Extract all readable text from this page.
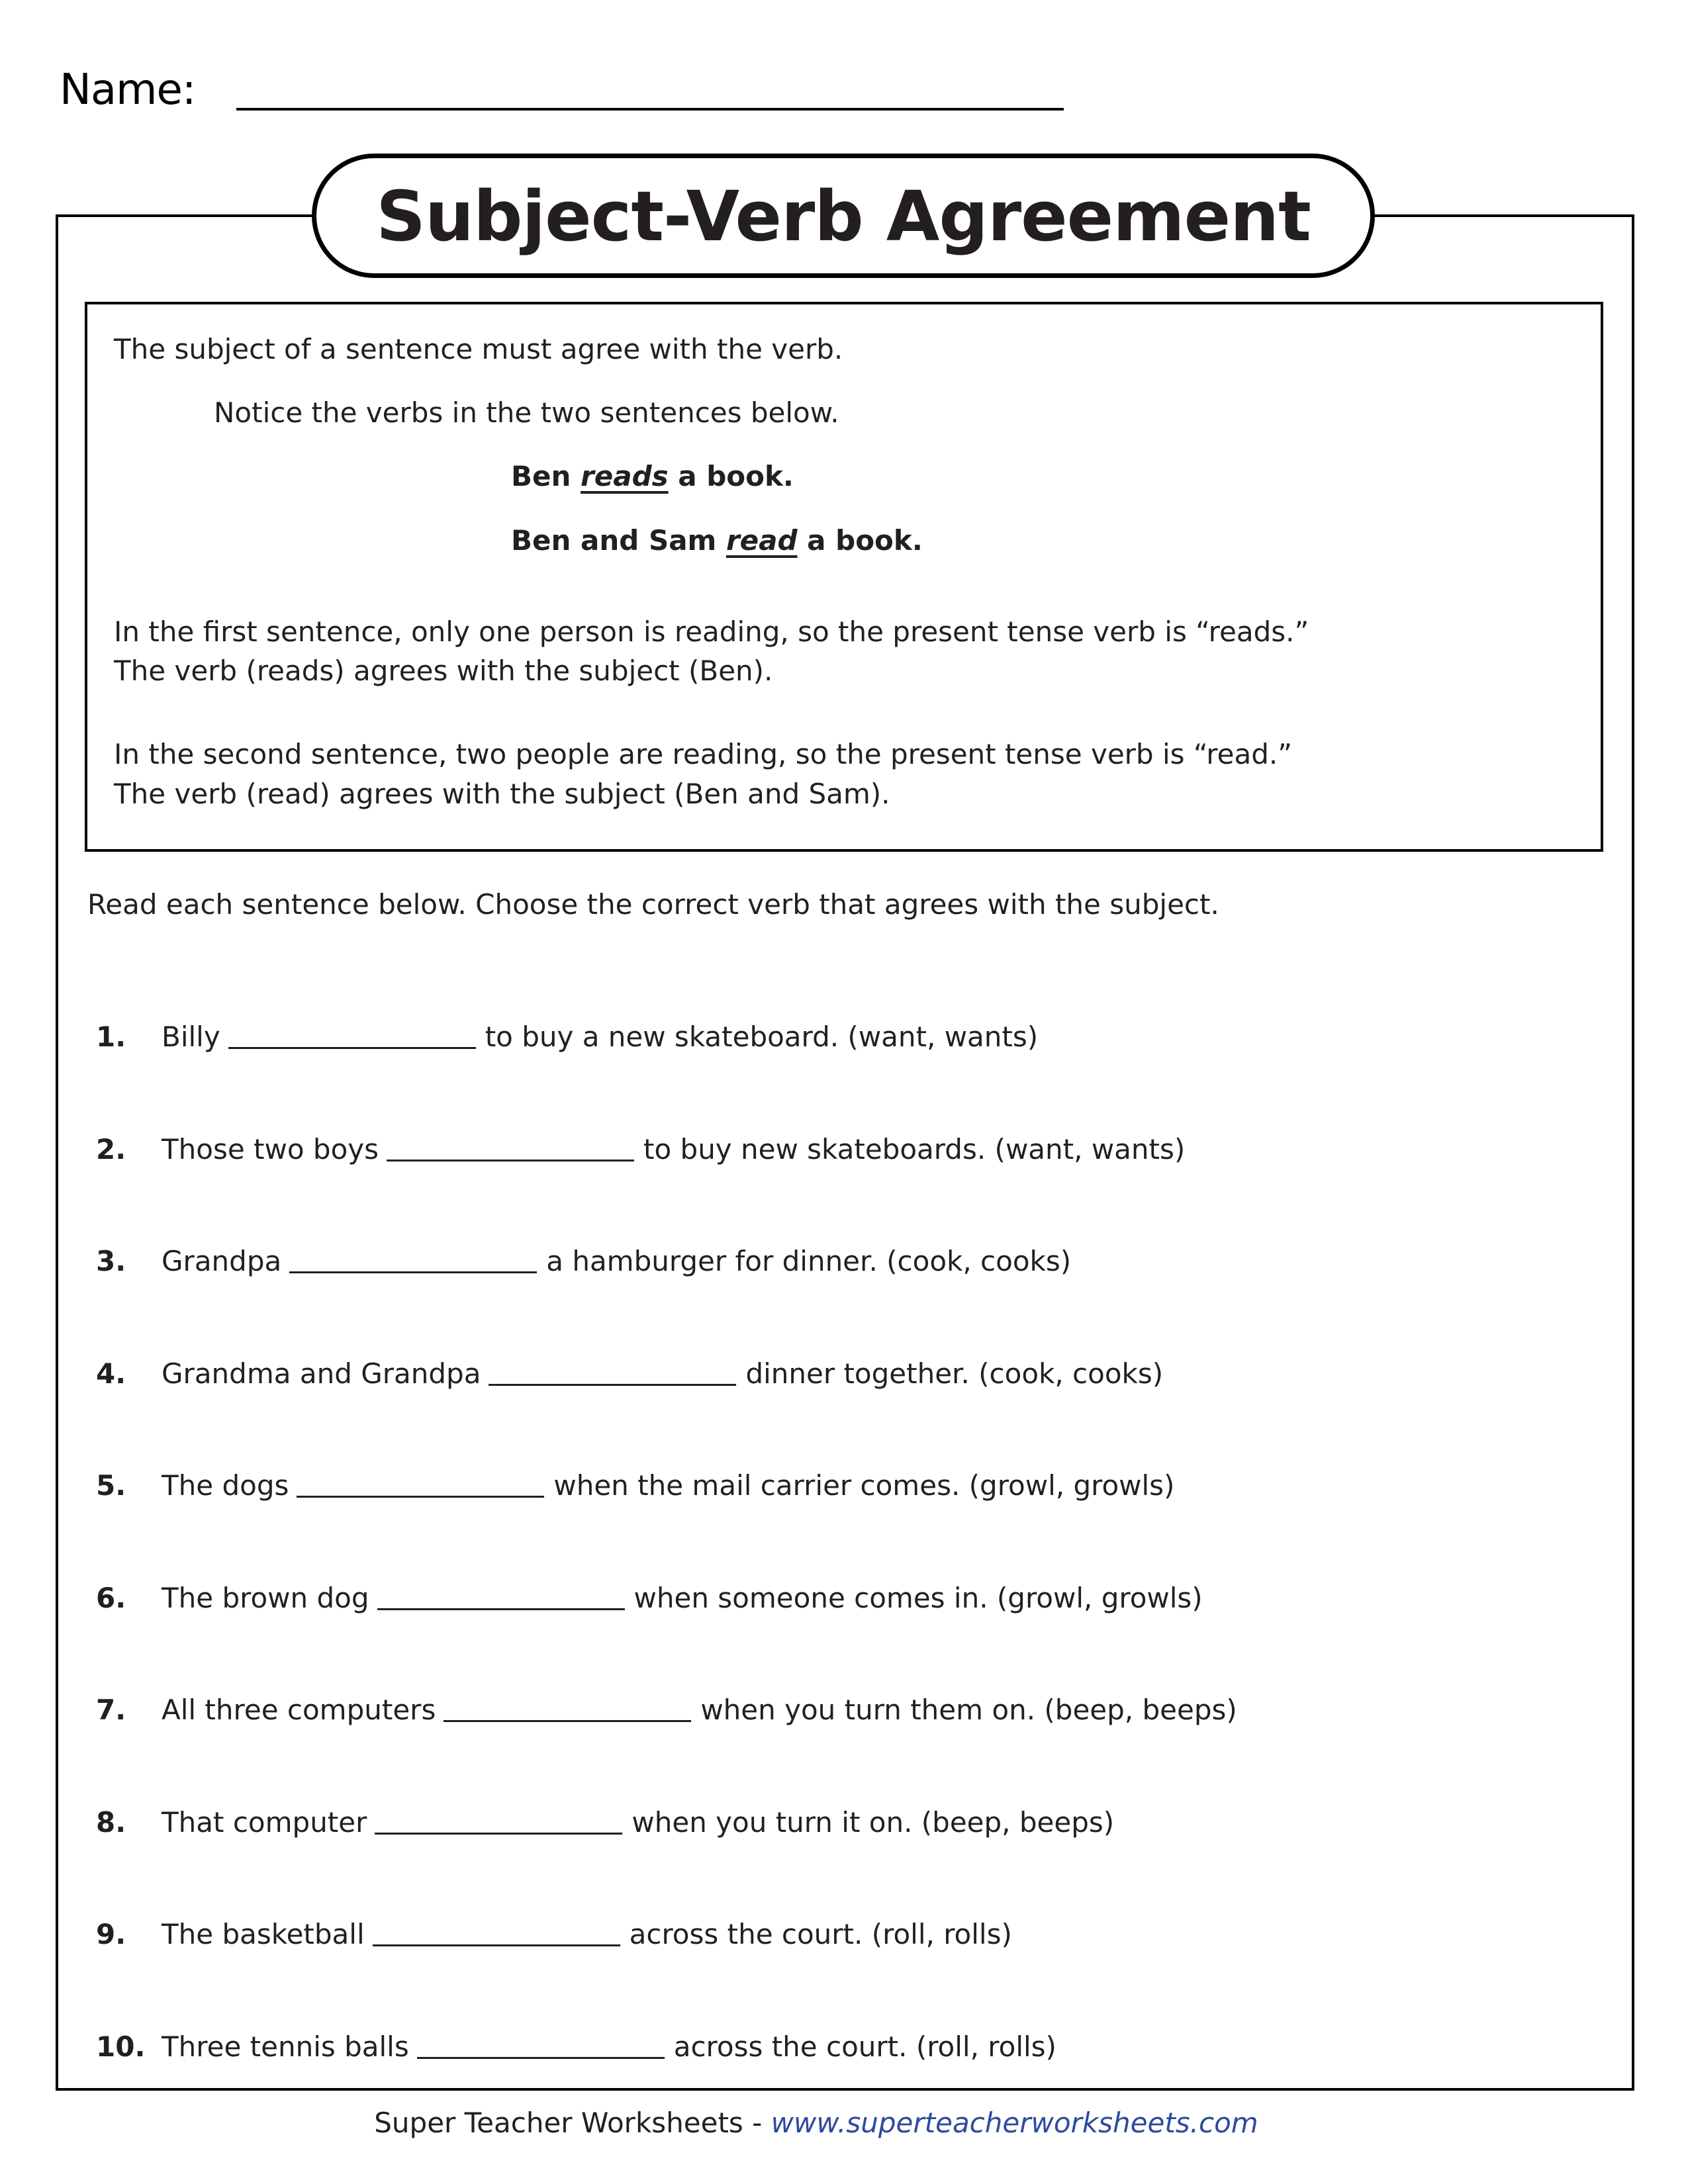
Name:
Subject-Verb Agreement
The subject of a sentence must agree with the verb.
Notice the verbs in the two sentences below.
Ben reads a book.
Ben and Sam read a book.
In the first sentence, only one person is reading, so the present tense verb is “reads.”
The verb (reads) agrees with the subject (Ben).
In the second sentence, two people are reading, so the present tense verb is “read.”
The verb (read) agrees with the subject (Ben and Sam).
Read each sentence below. Choose the correct verb that agrees with the subject.
1.	Billy	to buy a new skateboard. (want, wants)
2.	Those two boys	to buy new skateboards. (want, wants)
3.	Grandpa	a hamburger for dinner. (cook, cooks)
4.	Grandma and Grandpa	dinner together. (cook, cooks)
5.	The dogs	when the mail carrier comes. (growl, growls)
6.	The brown dog	when someone comes in. (growl, growls)
7.	All three computers	when you turn them on. (beep, beeps)
8.	That computer	when you turn it on. (beep, beeps)
9.	The basketball	across the court. (roll, rolls)
10. Three tennis balls	across the court. (roll, rolls)
Super Teacher Worksheets - www.superteacherworksheets.com
